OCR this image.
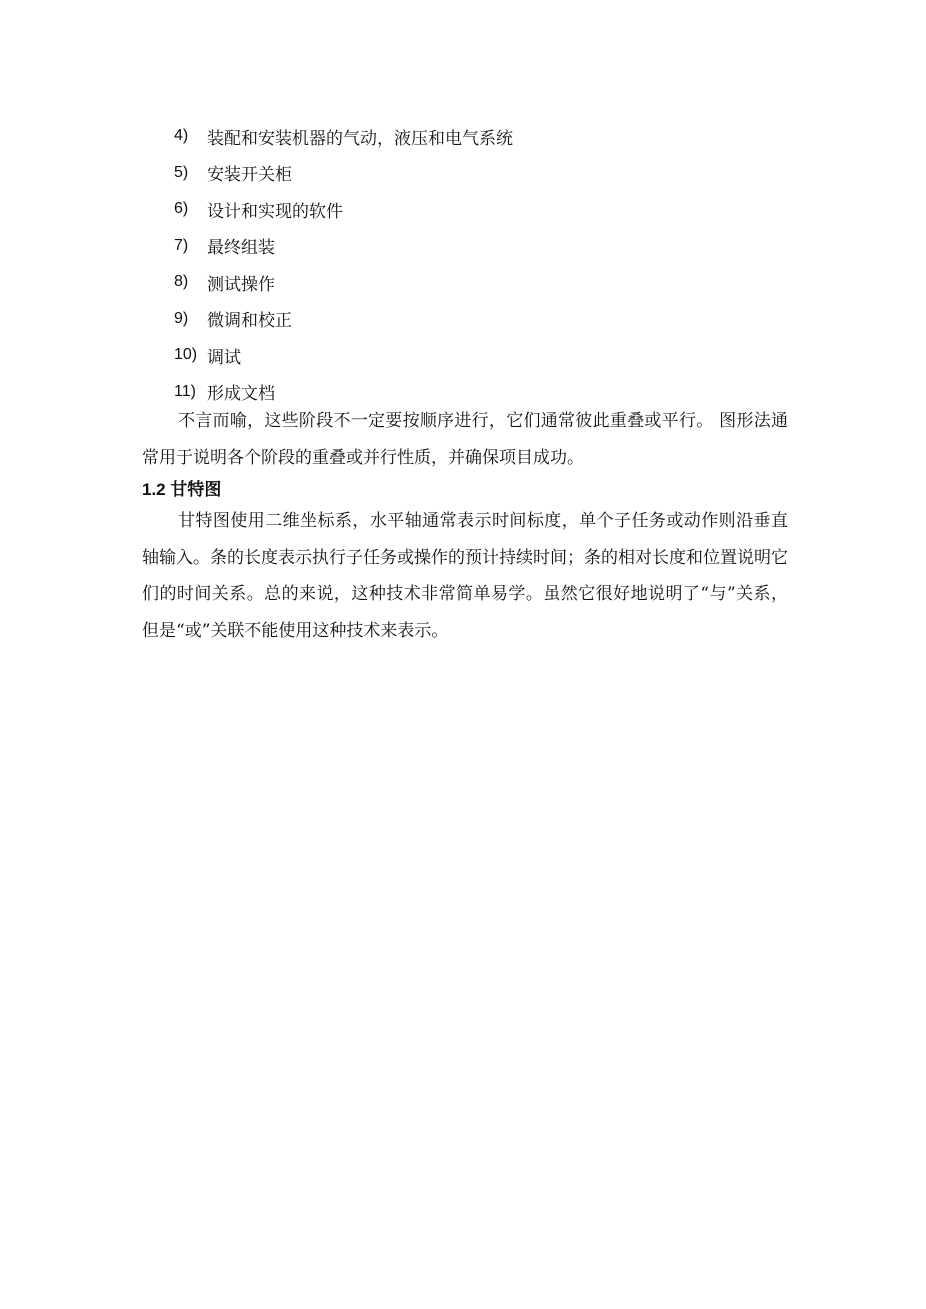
4)	装配和安装机器的气动，液压和电气系统
5)	安装开关柜
6)	设计和实现的软件
7)	最终组装
8)	测试操作
9)	微调和校正
10) 调试
11) 形成文档

不言而喻，这些阶段不一定要按顺序进行，它们通常彼此重叠或平行。 图形法通常用于说明各个阶段的重叠或并行性质，并确保项目成功。

1.2 甘特图

甘特图使用二维坐标系，水平轴通常表示时间标度，单个子任务或动作则沿垂直轴输入。条的长度表示执行子任务或操作的预计持续时间；条的相对长度和位置说明它们的时间关系。总的来说，这种技术非常简单易学。虽然它很好地说明了“与”关系，但是“或”关联不能使用这种技术来表示。
